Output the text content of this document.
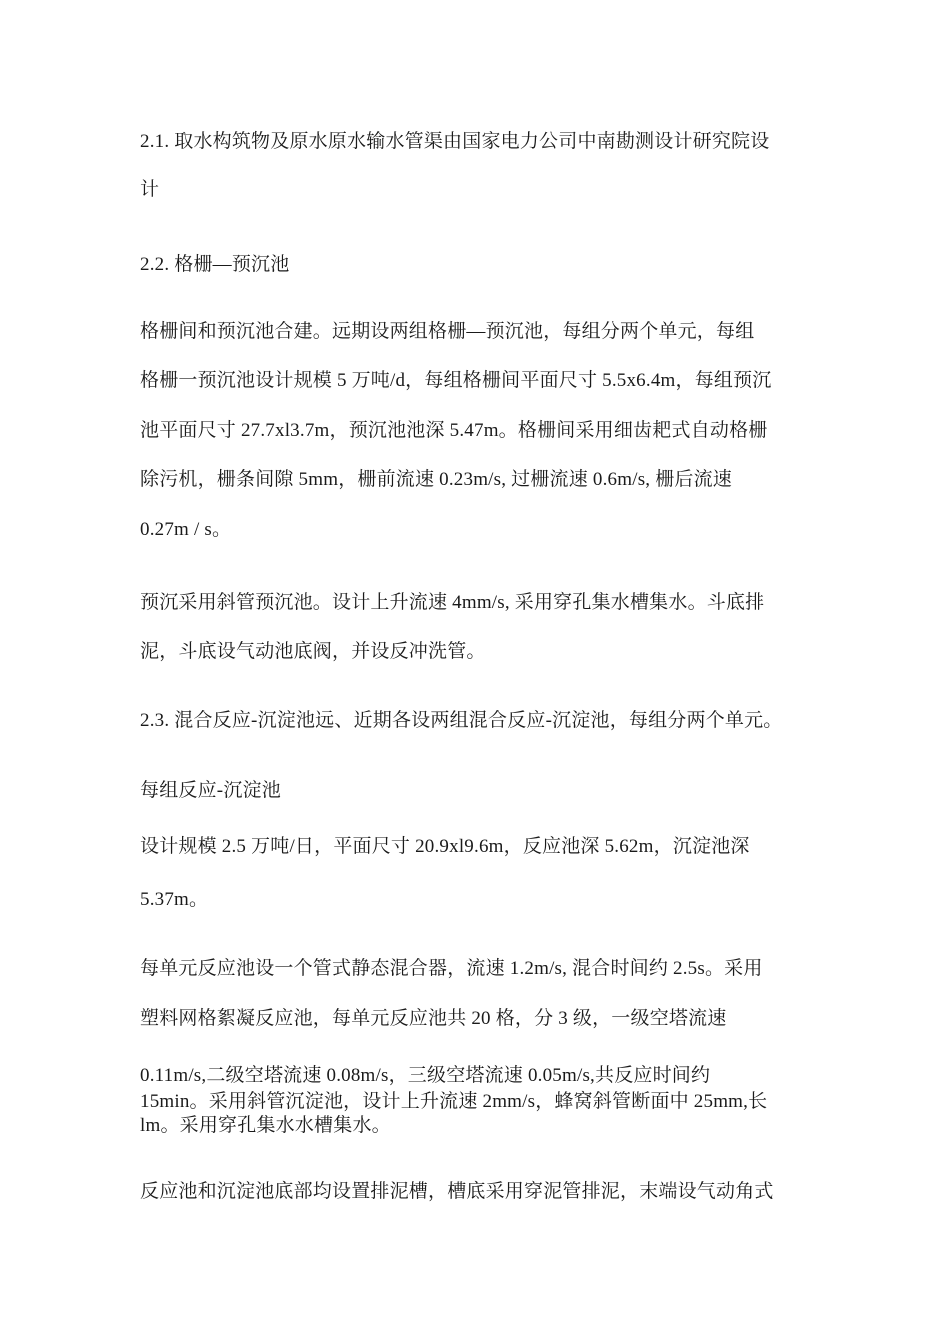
2.1. 取水构筑物及原水原水输水管渠由国家电力公司中南勘测设计研究院设
计
2.2. 格栅—预沉池
格栅间和预沉池合建。远期设两组格栅—预沉池，每组分两个单元，每组
格栅一预沉池设计规模 5 万吨/d，每组格栅间平面尺寸 5.5x6.4m，每组预沉
池平面尺寸 27.7xl3.7m，预沉池池深 5.47m。格栅间采用细齿耙式自动格栅
除污机，栅条间隙 5mm，栅前流速 0.23m/s, 过栅流速 0.6m/s, 栅后流速
0.27m / s。
预沉采用斜管预沉池。设计上升流速 4mm/s, 采用穿孔集水槽集水。斗底排
泥，斗底设气动池底阀，并设反冲洗管。
2.3. 混合反应-沉淀池远、近期各设两组混合反应-沉淀池，每组分两个单元。
每组反应-沉淀池
设计规模 2.5 万吨/日，平面尺寸 20.9xl9.6m，反应池深 5.62m，沉淀池深
5.37m。
每单元反应池设一个管式静态混合器，流速 1.2m/s, 混合时间约 2.5s。采用
塑料网格絮凝反应池，每单元反应池共 20 格，分 3 级，一级空塔流速
0.11m/s,二级空塔流速 0.08m/s，三级空塔流速 0.05m/s,共反应时间约
15min。采用斜管沉淀池，设计上升流速 2mm/s，蜂窝斜管断面中 25mm,长
lm。采用穿孔集水水槽集水。
反应池和沉淀池底部均设置排泥槽，槽底采用穿泥管排泥，末端设气动角式
